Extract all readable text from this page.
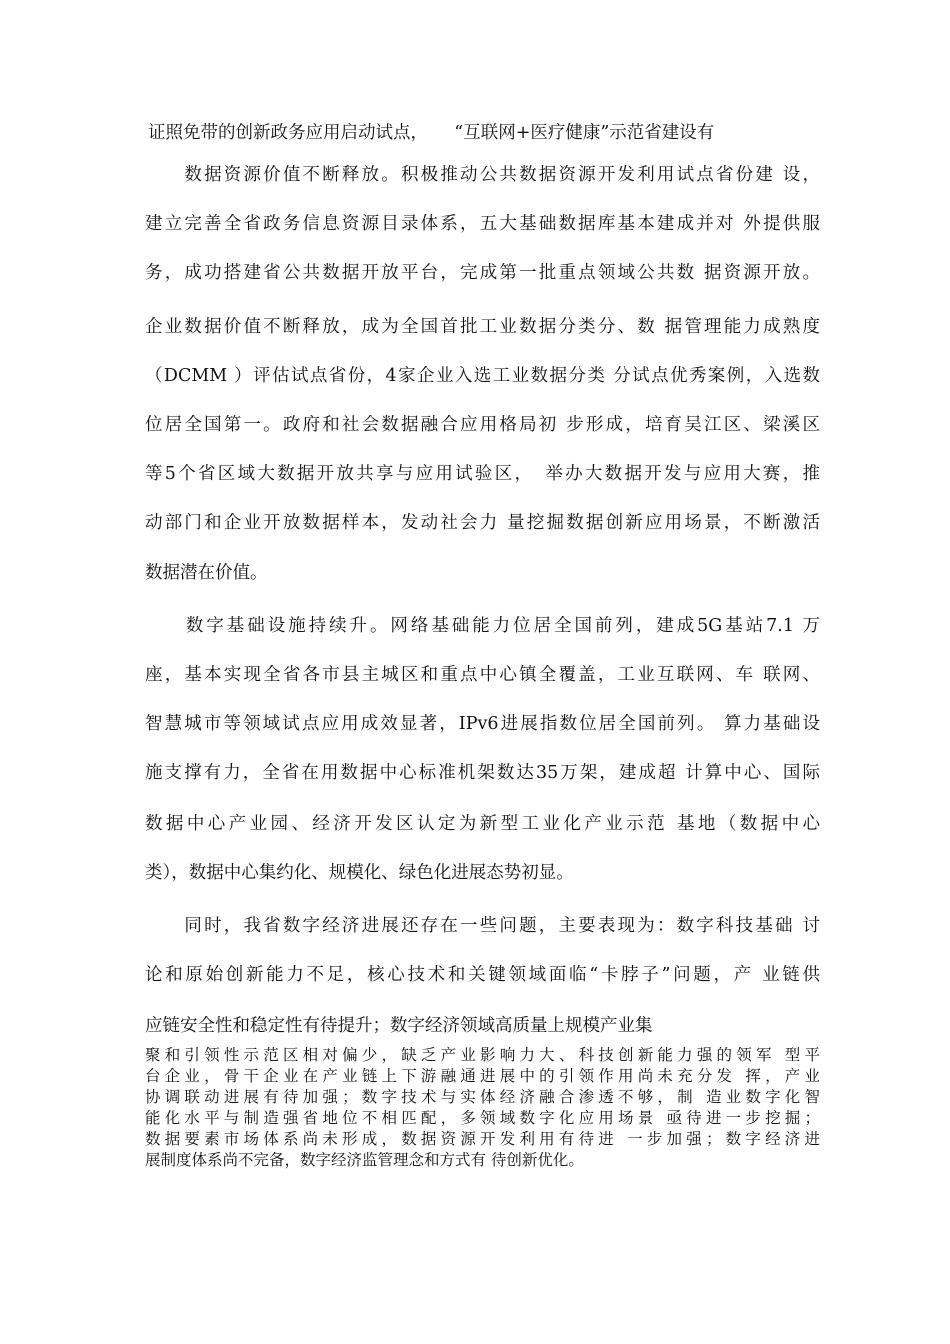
证照免带的创新政务应用启动试点，　　“互联网+医疗健康”示范省建设有
　　数据资源价值不断释放。积极推动公共数据资源开发利用试点省份建 设，
建立完善全省政务信息资源目录体系，五大基础数据库基本建成并对 外提供服
务，成功搭建省公共数据开放平台，完成第一批重点领域公共数 据资源开放。
企业数据价值不断释放，成为全国首批工业数据分类分、数 据管理能力成熟度
（DCMM ）评估试点省份，4家企业入选工业数据分类 分试点优秀案例，入选数
位居全国第一。政府和社会数据融合应用格局初 步形成，培育吴江区、梁溪区
等5个省区域大数据开放共享与应用试验区，　举办大数据开发与应用大赛，推
动部门和企业开放数据样本，发动社会力 量挖掘数据创新应用场景，不断激活
数据潜在价值。
　　数字基础设施持续升。网络基础能力位居全国前列，建成5G基站7.1 万
座，基本实现全省各市县主城区和重点中心镇全覆盖，工业互联网、车 联网、
智慧城市等领域试点应用成效显著，IPv6进展指数位居全国前列。 算力基础设
施支撑有力，全省在用数据中心标准机架数达35万架，建成超 计算中心、国际
数据中心产业园、经济开发区认定为新型工业化产业示范 基地（数据中心
类），数据中心集约化、规模化、绿色化进展态势初显。
　　同时，我省数字经济进展还存在一些问题，主要表现为：数字科技基础 讨
论和原始创新能力不足，核心技术和关键领域面临“卡脖子”问题，产 业链供
应链安全性和稳定性有待提升；数字经济领域高质量上规模产业集
聚和引领性示范区相对偏少，缺乏产业影响力大、科技创新能力强的领军 型平
台企业，骨干企业在产业链上下游融通进展中的引领作用尚未充分发 挥，产业
协调联动进展有待加强；数字技术与实体经济融合渗透不够，制 造业数字化智
能化水平与制造强省地位不相匹配，多领域数字化应用场景 亟待进一步挖掘；
数据要素市场体系尚未形成，数据资源开发利用有待进 一步加强；数字经济进
展制度体系尚不完备，数字经济监管理念和方式有 待创新优化。
